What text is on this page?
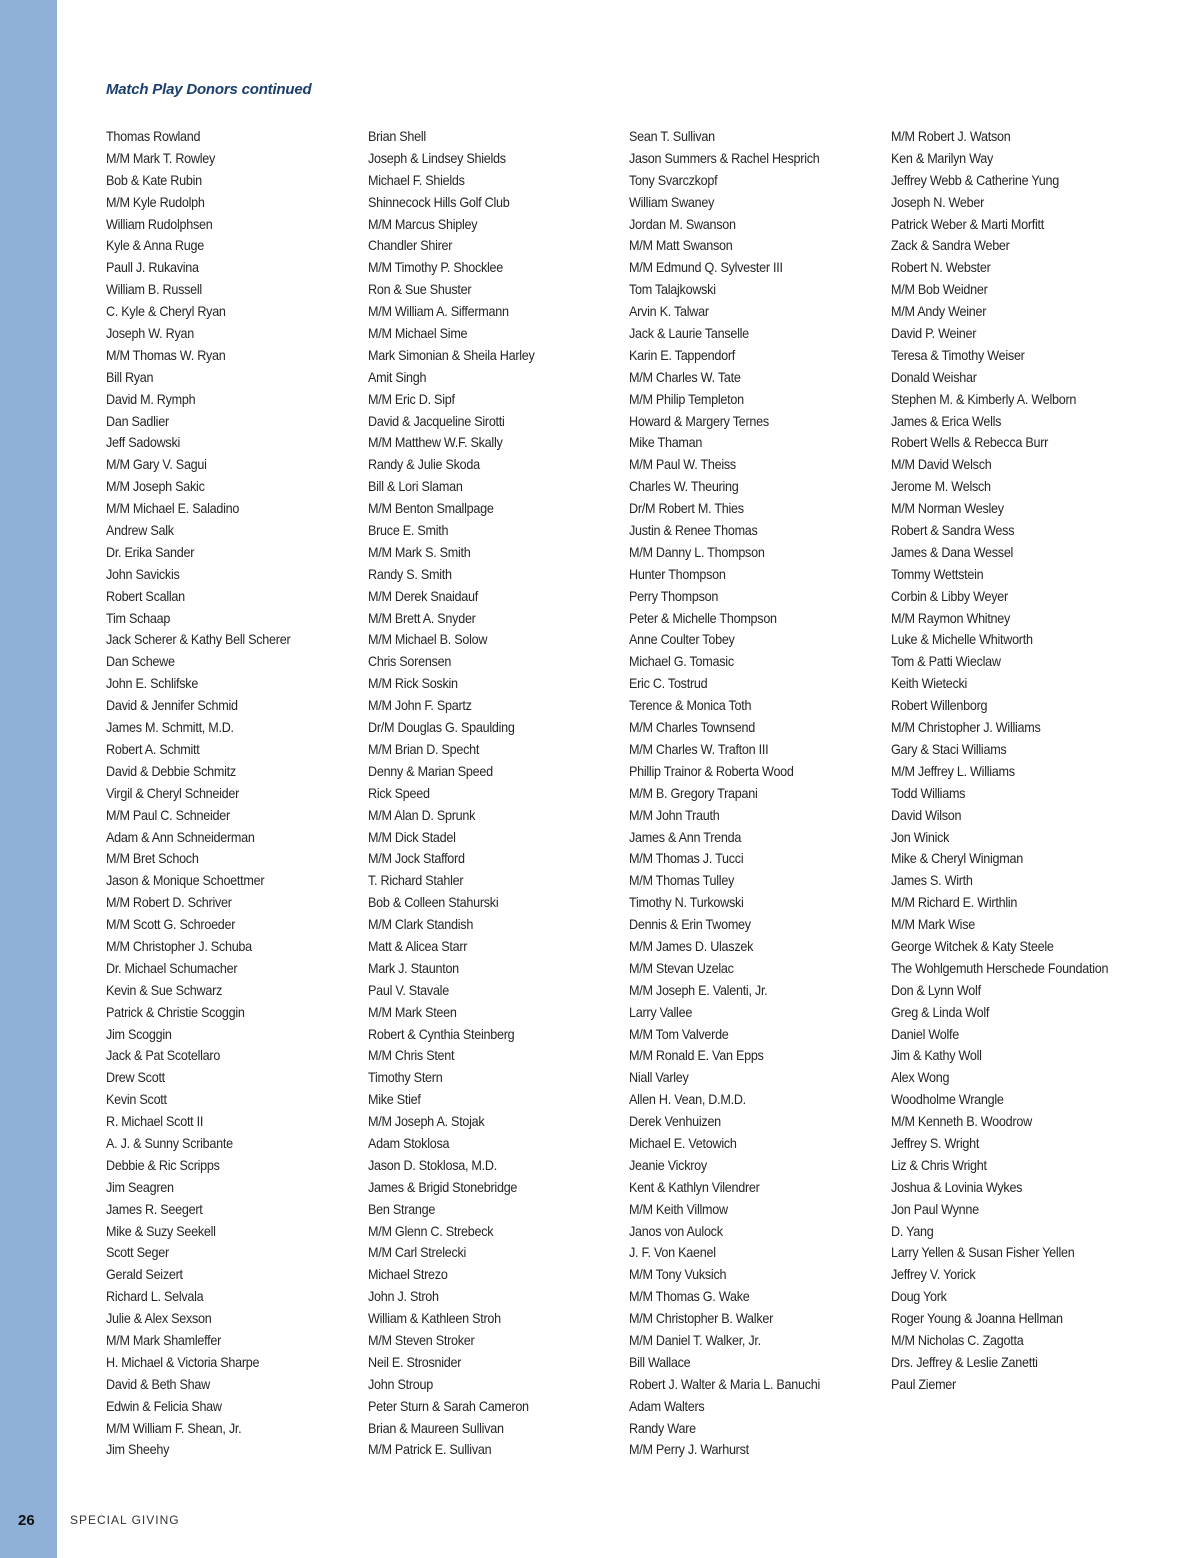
Match Play Donors continued
Thomas Rowland
M/M Mark T. Rowley
Bob & Kate Rubin
M/M Kyle Rudolph
William Rudolphsen
Kyle & Anna Ruge
Paull J. Rukavina
William B. Russell
C. Kyle & Cheryl Ryan
Joseph W. Ryan
M/M Thomas W. Ryan
Bill Ryan
David M. Rymph
Dan Sadlier
Jeff Sadowski
M/M Gary V. Sagui
M/M Joseph Sakic
M/M Michael E. Saladino
Andrew Salk
Dr. Erika Sander
John Savickis
Robert Scallan
Tim Schaap
Jack Scherer & Kathy Bell Scherer
Dan Schewe
John E. Schlifske
David & Jennifer Schmid
James M. Schmitt, M.D.
Robert A. Schmitt
David & Debbie Schmitz
Virgil & Cheryl Schneider
M/M Paul C. Schneider
Adam & Ann Schneiderman
M/M Bret Schoch
Jason & Monique Schoettmer
M/M Robert D. Schriver
M/M Scott G. Schroeder
M/M Christopher J. Schuba
Dr. Michael Schumacher
Kevin & Sue Schwarz
Patrick & Christie Scoggin
Jim Scoggin
Jack & Pat Scotellaro
Drew Scott
Kevin Scott
R. Michael Scott II
A. J. & Sunny Scribante
Debbie & Ric Scripps
Jim Seagren
James R. Seegert
Mike & Suzy Seekell
Scott Seger
Gerald Seizert
Richard L. Selvala
Julie & Alex Sexson
M/M Mark Shamleffer
H. Michael & Victoria Sharpe
David & Beth Shaw
Edwin & Felicia Shaw
M/M William F. Shean, Jr.
Jim Sheehy
Brian Shell
Joseph & Lindsey Shields
Michael F. Shields
Shinnecock Hills Golf Club
M/M Marcus Shipley
Chandler Shirer
M/M Timothy P. Shocklee
Ron & Sue Shuster
M/M William A. Siffermann
M/M Michael Sime
Mark Simonian & Sheila Harley
Amit Singh
M/M Eric D. Sipf
David & Jacqueline Sirotti
M/M Matthew W.F. Skally
Randy & Julie Skoda
Bill & Lori Slaman
M/M Benton Smallpage
Bruce E. Smith
M/M Mark S. Smith
Randy S. Smith
M/M Derek Snaidauf
M/M Brett A. Snyder
M/M Michael B. Solow
Chris Sorensen
M/M Rick Soskin
M/M John F. Spartz
Dr/M Douglas G. Spaulding
M/M Brian D. Specht
Denny & Marian Speed
Rick Speed
M/M Alan D. Sprunk
M/M Dick Stadel
M/M Jock Stafford
T. Richard Stahler
Bob & Colleen Stahurski
M/M Clark Standish
Matt & Alicea Starr
Mark J. Staunton
Paul V. Stavale
M/M Mark Steen
Robert & Cynthia Steinberg
M/M Chris Stent
Timothy Stern
Mike Stief
M/M Joseph A. Stojak
Adam Stoklosa
Jason D. Stoklosa, M.D.
James & Brigid Stonebridge
Ben Strange
M/M Glenn C. Strebeck
M/M Carl Strelecki
Michael Strezo
John J. Stroh
William & Kathleen Stroh
M/M Steven Stroker
Neil E. Strosnider
John Stroup
Peter Sturn & Sarah Cameron
Brian & Maureen Sullivan
M/M Patrick E. Sullivan
Sean T. Sullivan
Jason Summers & Rachel Hesprich
Tony Svarczkopf
William Swaney
Jordan M. Swanson
M/M Matt Swanson
M/M Edmund Q. Sylvester III
Tom Talajkowski
Arvin K. Talwar
Jack & Laurie Tanselle
Karin E. Tappendorf
M/M Charles W. Tate
M/M Philip Templeton
Howard & Margery Ternes
Mike Thaman
M/M Paul W. Theiss
Charles W. Theuring
Dr/M Robert M. Thies
Justin & Renee Thomas
M/M Danny L. Thompson
Hunter Thompson
Perry Thompson
Peter & Michelle Thompson
Anne Coulter Tobey
Michael G. Tomasic
Eric C. Tostrud
Terence & Monica Toth
M/M Charles Townsend
M/M Charles W. Trafton III
Phillip Trainor & Roberta Wood
M/M B. Gregory Trapani
M/M John Trauth
James & Ann Trenda
M/M Thomas J. Tucci
M/M Thomas Tulley
Timothy N. Turkowski
Dennis & Erin Twomey
M/M James D. Ulaszek
M/M Stevan Uzelac
M/M Joseph E. Valenti, Jr.
Larry Vallee
M/M Tom Valverde
M/M Ronald E. Van Epps
Niall Varley
Allen H. Vean, D.M.D.
Derek Venhuizen
Michael E. Vetowich
Jeanie Vickroy
Kent & Kathlyn Vilendrer
M/M Keith Villmow
Janos von Aulock
J. F. Von Kaenel
M/M Tony Vuksich
M/M Thomas G. Wake
M/M Christopher B. Walker
M/M Daniel T. Walker, Jr.
Bill Wallace
Robert J. Walter & Maria L. Banuchi
Adam Walters
Randy Ware
M/M Perry J. Warhurst
M/M Robert J. Watson
Ken & Marilyn Way
Jeffrey Webb & Catherine Yung
Joseph N. Weber
Patrick Weber & Marti Morfitt
Zack & Sandra Weber
Robert N. Webster
M/M Bob Weidner
M/M Andy Weiner
David P. Weiner
Teresa & Timothy Weiser
Donald Weishar
Stephen M. & Kimberly A. Welborn
James & Erica Wells
Robert Wells & Rebecca Burr
M/M David Welsch
Jerome M. Welsch
M/M Norman Wesley
Robert & Sandra Wess
James & Dana Wessel
Tommy Wettstein
Corbin & Libby Weyer
M/M Raymon Whitney
Luke & Michelle Whitworth
Tom & Patti Wieclaw
Keith Wietecki
Robert Willenborg
M/M Christopher J. Williams
Gary & Staci Williams
M/M Jeffrey L. Williams
Todd Williams
David Wilson
Jon Winick
Mike & Cheryl Winigman
James S. Wirth
M/M Richard E. Wirthlin
M/M Mark Wise
George Witchek & Katy Steele
The Wohlgemuth Herschede Foundation
Don & Lynn Wolf
Greg & Linda Wolf
Daniel Wolfe
Jim & Kathy Woll
Alex Wong
Woodholme Wrangle
M/M Kenneth B. Woodrow
Jeffrey S. Wright
Liz & Chris Wright
Joshua & Lovinia Wykes
Jon Paul Wynne
D. Yang
Larry Yellen & Susan Fisher Yellen
Jeffrey V. Yorick
Doug York
Roger Young & Joanna Hellman
M/M Nicholas C. Zagotta
Drs. Jeffrey & Leslie Zanetti
Paul Ziemer
26	SPECIAL GIVING
